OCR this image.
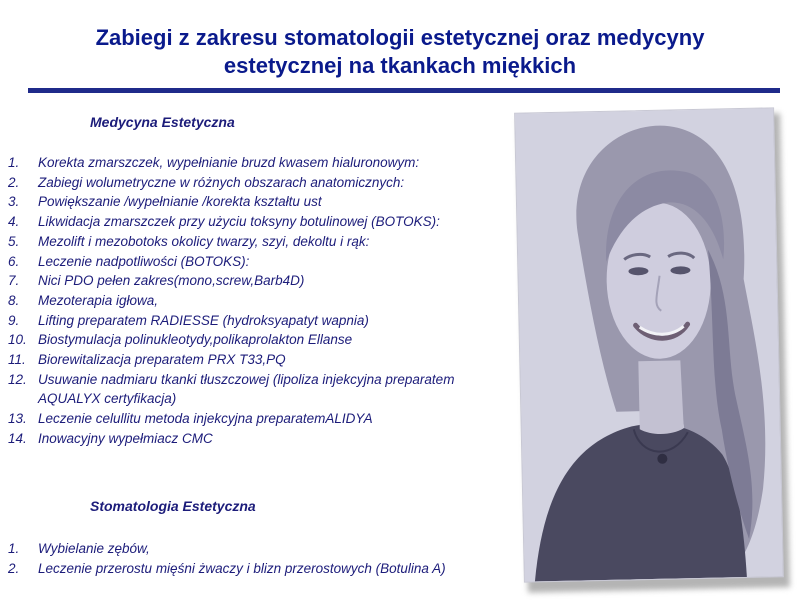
Zabiegi z zakresu stomatologii estetycznej oraz medycyny
estetycznej na tkankach miękkich
Medycyna Estetyczna
1. Korekta zmarszczek, wypełnianie bruzd kwasem hialuronowym:
2. Zabiegi wolumetryczne w różnych obszarach anatomicznych:
3. Powiększanie /wypełnianie /korekta kształtu ust
4. Likwidacja zmarszczek przy użyciu toksyny botulinowej (BOTOKS):
5. Mezolift i mezobotoks okolicy twarzy, szyi, dekoltu i rąk:
6. Leczenie nadpotliwości (BOTOKS):
7. Nici PDO pełen zakres(mono,screw,Barb4D)
8. Mezoterapia igłowa,
9. Lifting preparatem RADIESSE (hydroksyapatyt wapnia)
10. Biostymulacja polinukleotydy,polikaprolakton Ellanse
11. Biorewitalizacja preparatem PRX T33,PQ
12. Usuwanie nadmiaru tkanki tłuszczowej (lipoliza injekcyjna preparatem AQUALYX certyfikacja)
13. Leczenie celullitu metoda injekcyjna preparatemALIDYA
14. Inowacyjny wypełmiacz CMC
Stomatologia Estetyczna
1. Wybielanie zębów,
2. Leczenie przerostu mięśni żwaczy i blizn przerostowych (Botulina A)
